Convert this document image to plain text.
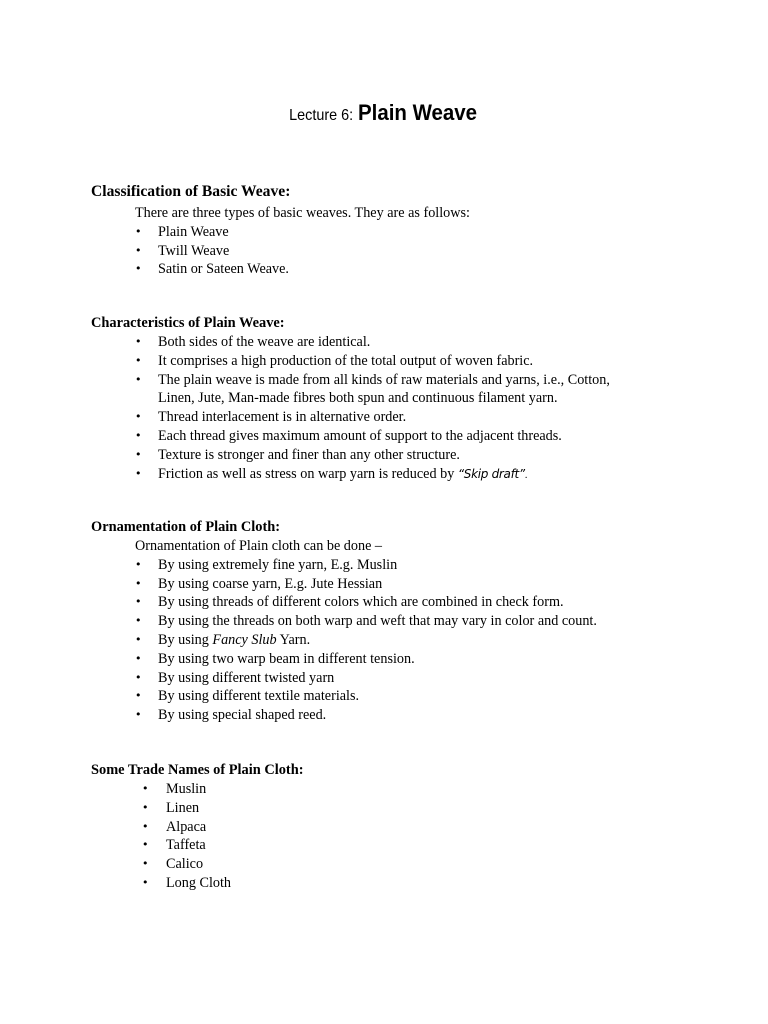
Lecture 6: Plain Weave

Classification of Basic Weave:

There are three types of basic weaves. They are as follows:

• Plain Weave
• Twill Weave
• Satin or Sateen Weave.

Characteristics of Plain Weave:

• Both sides of the weave are identical.
• It comprises a high production of the total output of woven fabric.
• The plain weave is made from all kinds of raw materials and yarns, i.e., Cotton, Linen, Jute, Man-made fibres both spun and continuous filament yarn.
• Thread interlacement is in alternative order.
• Each thread gives maximum amount of support to the adjacent threads.
• Texture is stronger and finer than any other structure.
• Friction as well as stress on warp yarn is reduced by “Skip draft”.

Ornamentation of Plain Cloth:

Ornamentation of Plain cloth can be done –

• By using extremely fine yarn, E.g. Muslin
• By using coarse yarn, E.g. Jute Hessian
• By using threads of different colors which are combined in check form.
• By using the threads on both warp and weft that may vary in color and count.
• By using Fancy Slub Yarn.
• By using two warp beam in different tension.
• By using different twisted yarn
• By using different textile materials.
• By using special shaped reed.

Some Trade Names of Plain Cloth:

• Muslin
• Linen
• Alpaca
• Taffeta
• Calico
• Long Cloth
